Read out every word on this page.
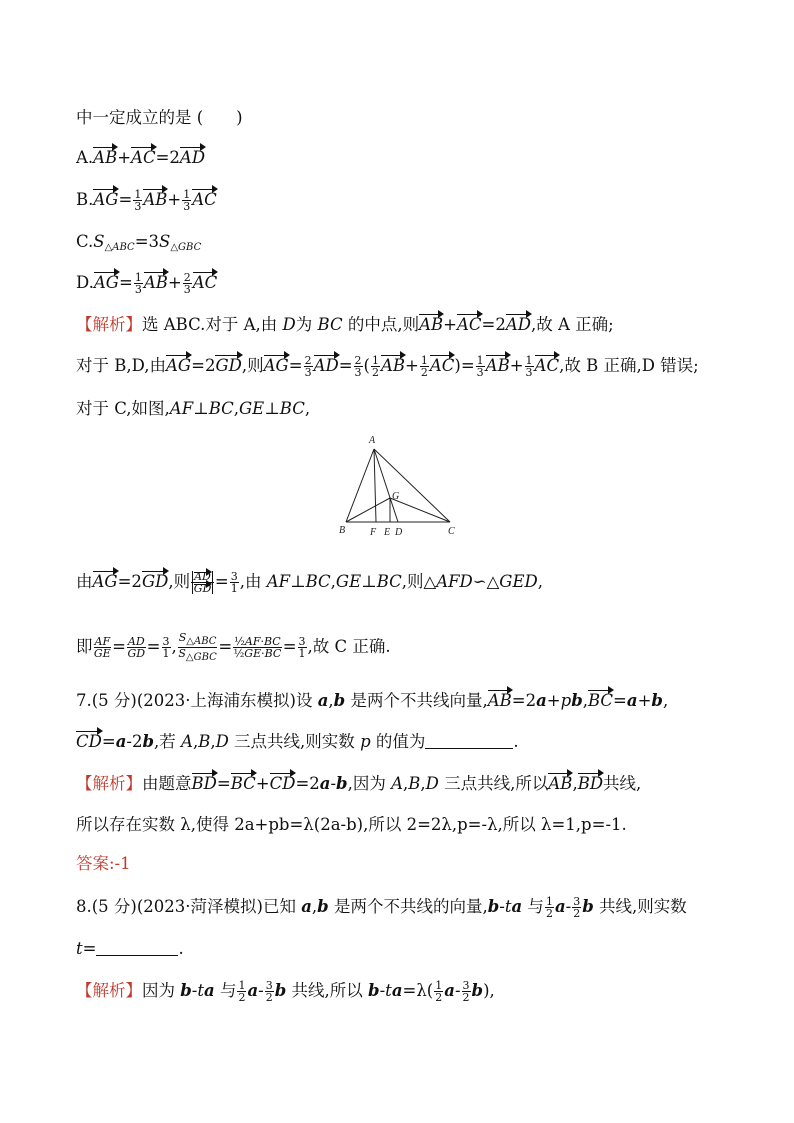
中一定成立的是 (  )
A.AB+AC=2AD
$B.AG= \frac{1}{3} AB+ \frac{1}{3}$ AC
$C.S_{\triangle ABC}=3S_{\triangle GBC}$
$D.AG= \frac{1}{3} AB+ \frac{2}{3}$ AC
【解析】选 ABC.对于 A,由 D为 BC 的中点,则AB+AC=2AD,故 A 正确;
对于 B,D,由AG=2GD,则$AG= \frac{2}{3} AD= \frac{2}{3}$ ( $\frac{1}{2} AB+ \frac{1}{2} AC)= \frac{1}{3} AB+ \frac{1}{3}$ AC,故 B 正确,D 错误;
对于 C,如图,AF⊥BC,GE⊥BC,
A
G
B F E D	C
由AG=2GD,则 $\frac{AD}{GD} = \frac{3}{1}$ ,由 AF⊥BC,GE⊥BC,则△AFD∽△GED,
即 $\frac{AF}{GE} = \frac{AD}{GD} = \frac{3}{1}$ , $\frac{\text{S△ABC}}{\text{S△GBC}} = \frac{\text{½AF·BC}}{\text{½GE·BC}} = \frac{3}{1}$ ,故 C 正确.
7.(5 分)(2023·上海浦东模拟)设 a,b 是两个不共线向量,AB=2a+pb,BC=a+b,
CD=a-2b,若 A,B,D 三点共线,则实数 p 的值为	.
【解析】由题意BD=BC+CD=2a-b,因为 A,B,D 三点共线,所以AB,BD共线,
所以存在实数 λ,使得 2a+pb=λ(2a-b),所以 2=2λ,p=-λ,所以 λ=1,p=-1.
答案:-1
8.(5 分)(2023·菏泽模拟)已知 a,b 是两个不共线的向量,b-ta 与 $\frac{1}{2} a- \frac{3}{2}$ b 共线,则实数
t=	.
【解析】因为 b-ta 与 $\frac{1}{2} a- \frac{3}{2}$ b 共线,所以 $b-ta=\lambda( \frac{1}{2} a- \frac{3}{2} b)$,
